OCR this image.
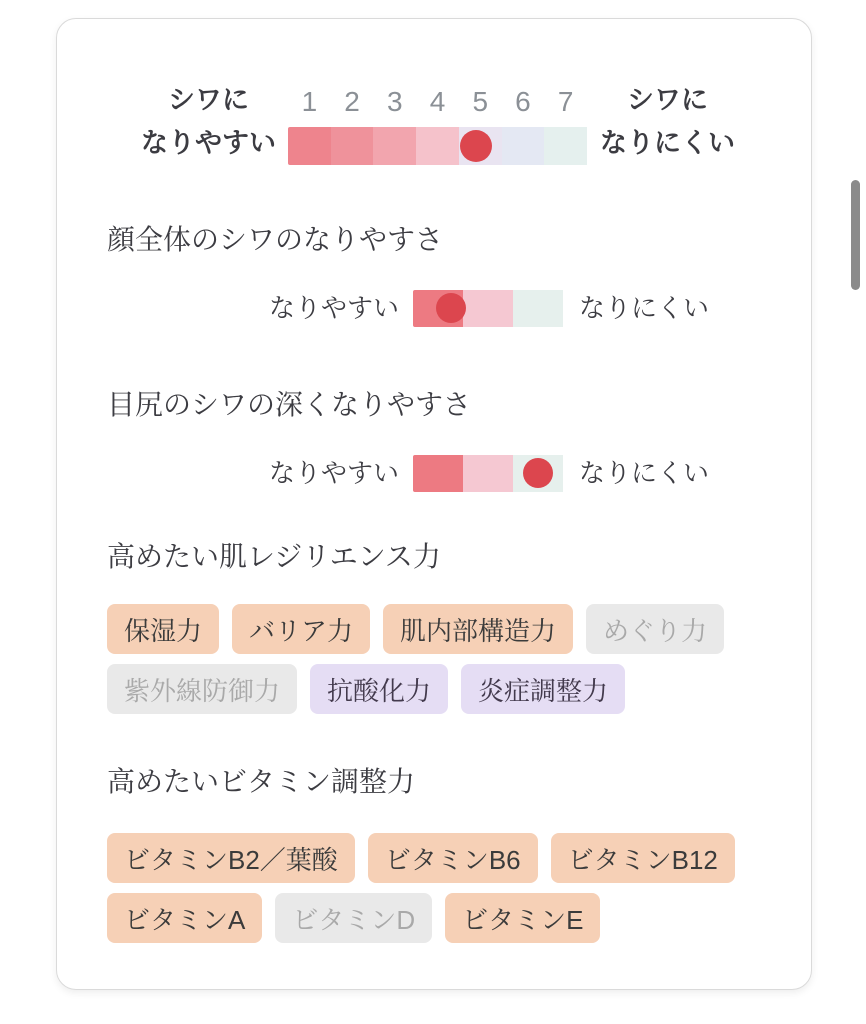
シワに
なりやすい
1 2 3 4 5 6 7	シワに
なりにくい
顔全体のシワのなりやすさ
なりやすい	なりにくい
目尻のシワの深くなりやすさ
なりやすい	なりにくい
高めたい肌レジリエンス力
保湿力	バリア力	肌内部構造力	めぐり力
紫外線防御力	抗酸化力	炎症調整力
高めたいビタミン調整力
ビタミンB2／葉酸	ビタミンB6	ビタミンB12
ビタミンA	ビタミンD	ビタミンE
